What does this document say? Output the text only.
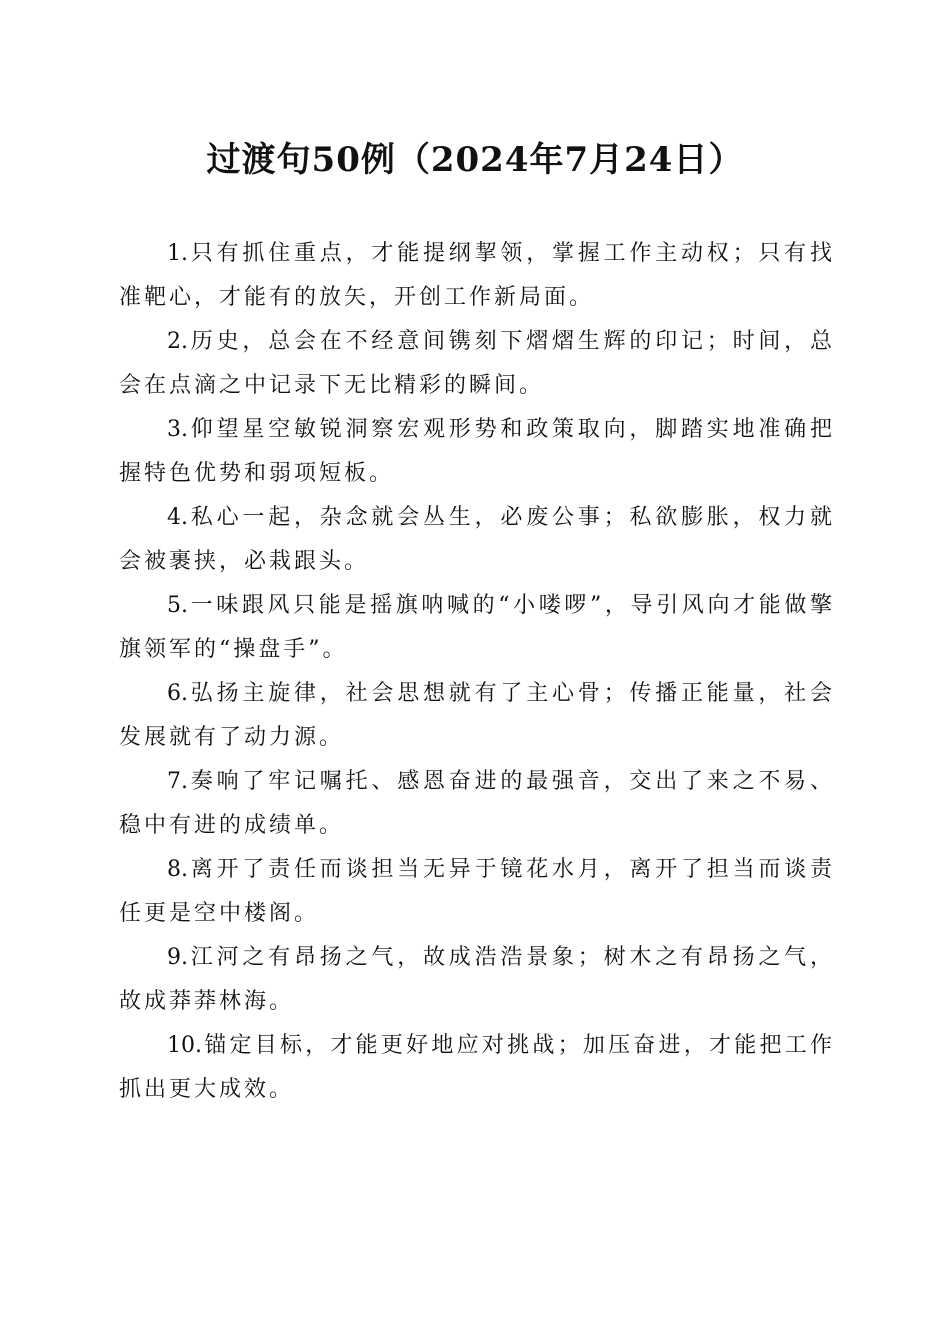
过渡句50例（2024年7月24日）

1.只有抓住重点，才能提纲挈领，掌握工作主动权；只有找准靶心，才能有的放矢，开创工作新局面。

2.历史，总会在不经意间镌刻下熠熠生辉的印记；时间，总会在点滴之中记录下无比精彩的瞬间。

3.仰望星空敏锐洞察宏观形势和政策取向，脚踏实地准确把握特色优势和弱项短板。

4.私心一起，杂念就会丛生，必废公事；私欲膨胀，权力就会被裹挟，必栽跟头。

5.一味跟风只能是摇旗呐喊的“小喽啰”，导引风向才能做擎旗领军的“操盘手”。

6.弘扬主旋律，社会思想就有了主心骨；传播正能量，社会发展就有了动力源。

7.奏响了牢记嘱托、感恩奋进的最强音，交出了来之不易、稳中有进的成绩单。

8.离开了责任而谈担当无异于镜花水月，离开了担当而谈责任更是空中楼阁。

9.江河之有昂扬之气，故成浩浩景象；树木之有昂扬之气，故成莽莽林海。

10.锚定目标，才能更好地应对挑战；加压奋进，才能把工作抓出更大成效。
